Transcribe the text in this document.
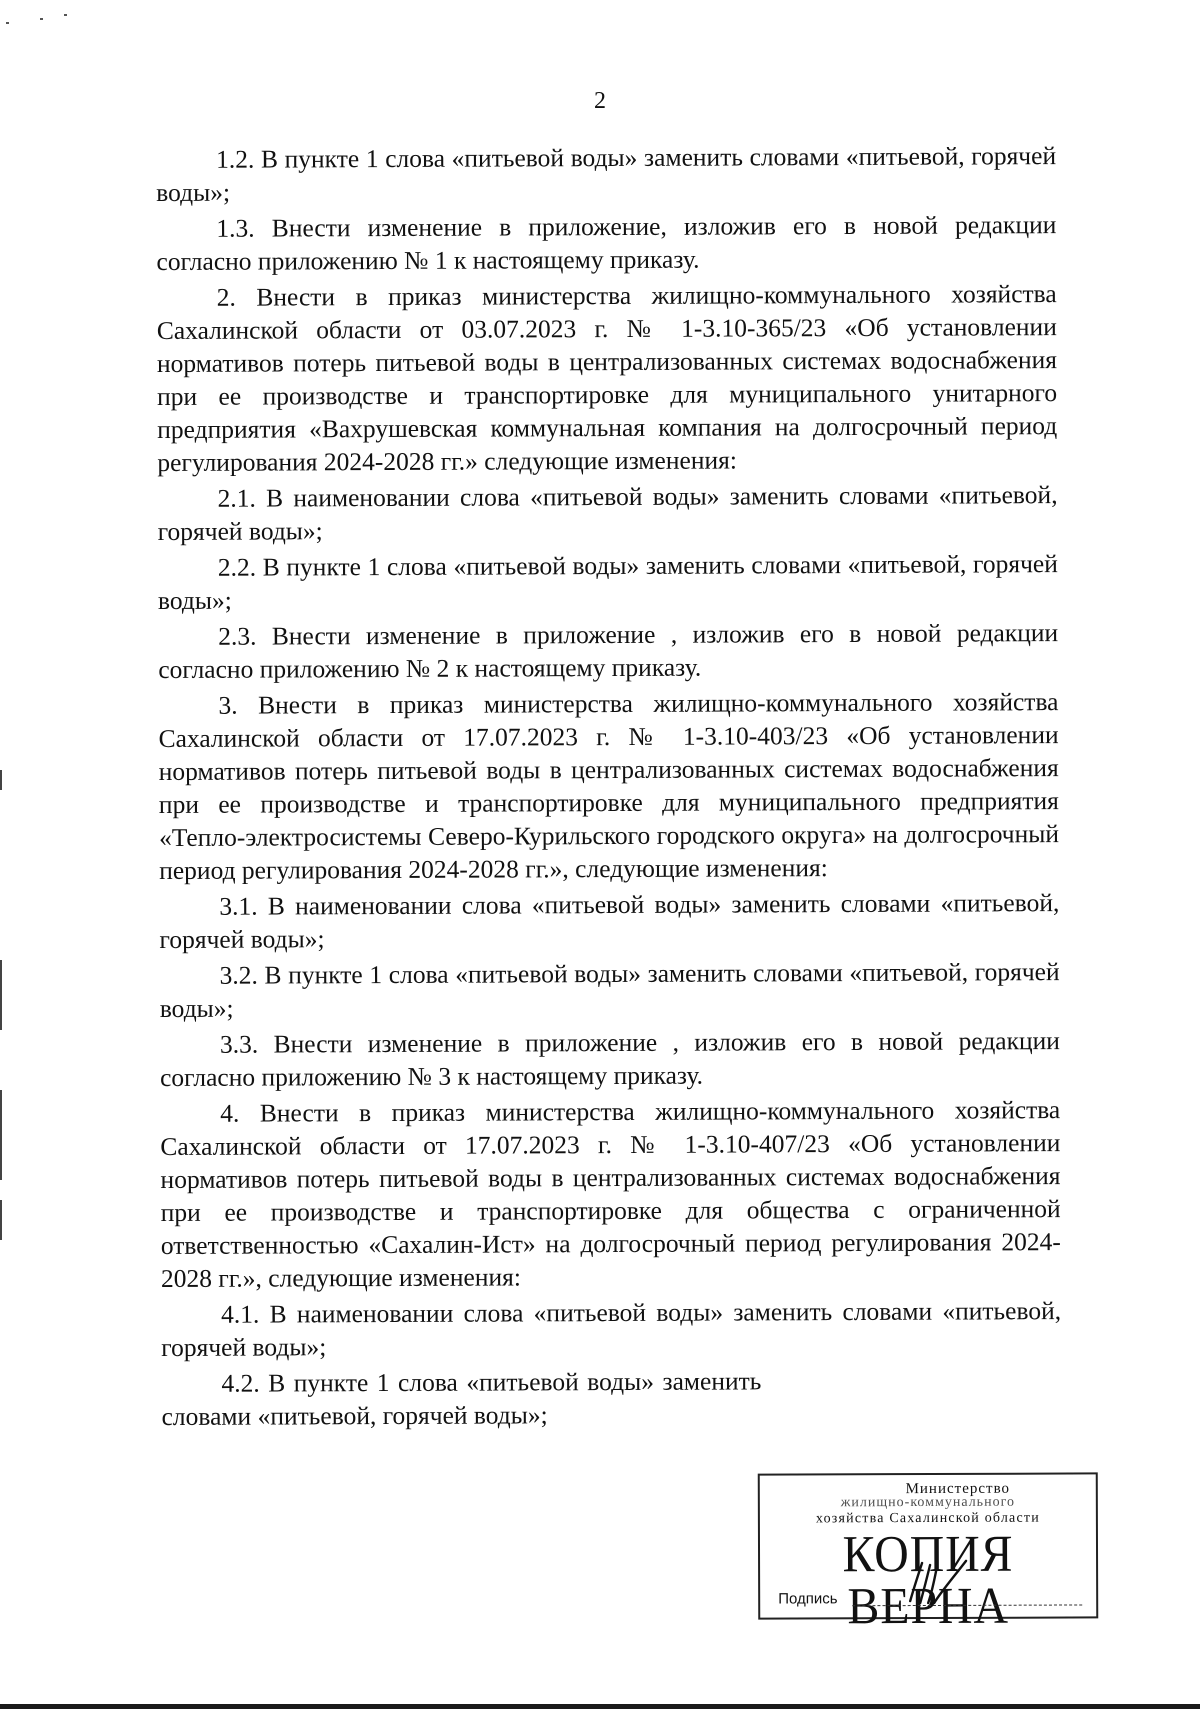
2

1.2. В пункте 1 слова «питьевой воды» заменить словами «питьевой, горячей воды»;

1.3. Внести изменение в приложение, изложив его в новой редакции согласно приложению № 1 к настоящему приказу.

2. Внести в приказ министерства жилищно-коммунального хозяйства Сахалинской области от 03.07.2023 г. № 1-3.10-365/23 «Об установлении нормативов потерь питьевой воды в централизованных системах водоснабжения при ее производстве и транспортировке для муниципального унитарного предприятия «Вахрушевская коммунальная компания на долгосрочный период регулирования 2024-2028 гг.» следующие изменения:

2.1. В наименовании слова «питьевой воды» заменить словами «питьевой, горячей воды»;

2.2. В пункте 1 слова «питьевой воды» заменить словами «питьевой, горячей воды»;

2.3. Внести изменение в приложение , изложив его в новой редакции согласно приложению № 2 к настоящему приказу.

3. Внести в приказ министерства жилищно-коммунального хозяйства Сахалинской области от 17.07.2023 г. № 1-3.10-403/23 «Об установлении нормативов потерь питьевой воды в централизованных системах водоснабжения при ее производстве и транспортировке для муниципального предприятия «Тепло-электросистемы Северо-Курильского городского округа» на долгосрочный период регулирования 2024-2028 гг.», следующие изменения:

3.1. В наименовании слова «питьевой воды» заменить словами «питьевой, горячей воды»;

3.2. В пункте 1 слова «питьевой воды» заменить словами «питьевой, горячей воды»;

3.3. Внести изменение в приложение , изложив его в новой редакции согласно приложению № 3 к настоящему приказу.

4. Внести в приказ министерства жилищно-коммунального хозяйства Сахалинской области от 17.07.2023 г. № 1-3.10-407/23 «Об установлении нормативов потерь питьевой воды в централизованных системах водоснабжения при ее производстве и транспортировке для общества с ограниченной ответственностью «Сахалин-Ист» на долгосрочный период регулирования 2024-2028 гг.», следующие изменения:

4.1. В наименовании слова «питьевой воды» заменить словами «питьевой, горячей воды»;

4.2. В пункте 1 слова «питьевой воды» заменить словами «питьевой, горячей воды»;

Министерство
жилищно-коммунального
хозяйства Сахалинской области
КОПИЯ ВЕРНА
Подпись
